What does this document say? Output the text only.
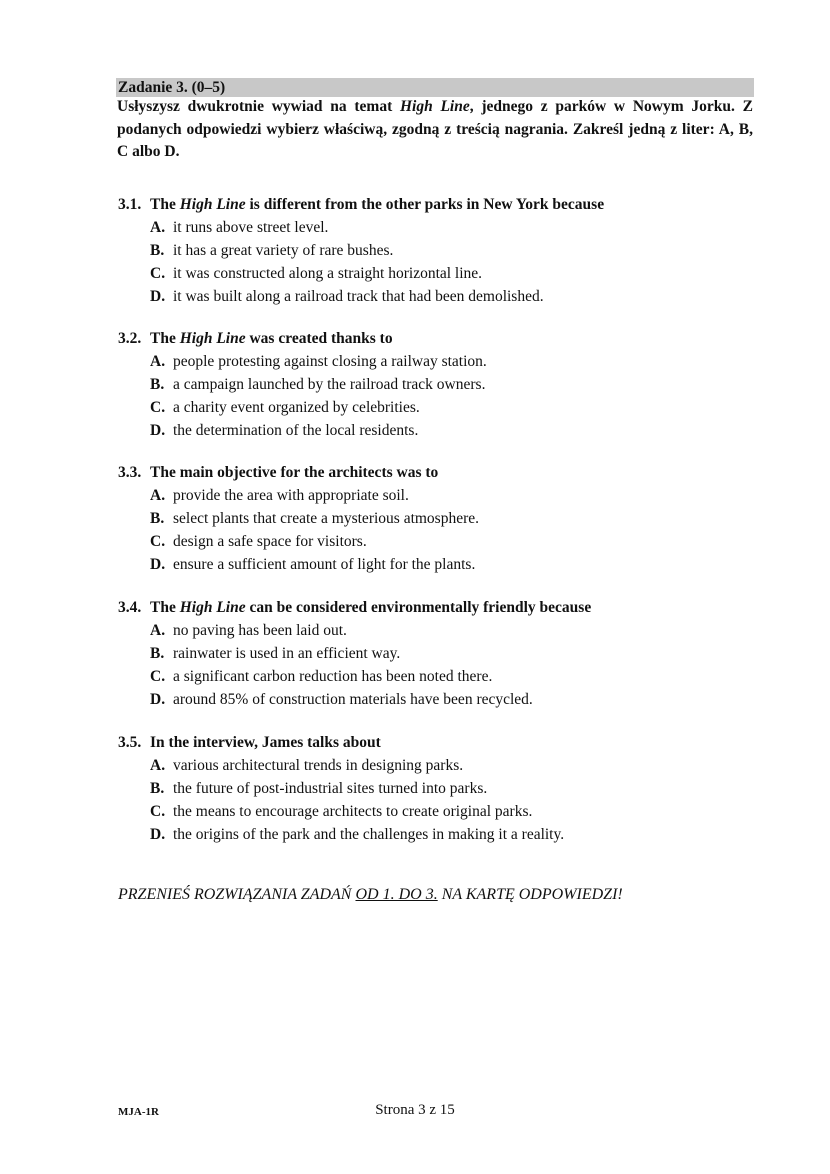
Zadanie 3. (0–5)
Usłyszysz dwukrotnie wywiad na temat High Line, jednego z parków w Nowym Jorku. Z podanych odpowiedzi wybierz właściwą, zgodną z treścią nagrania. Zakreśl jedną z liter: A, B, C albo D.
3.1. The High Line is different from the other parks in New York because
A. it runs above street level.
B. it has a great variety of rare bushes.
C. it was constructed along a straight horizontal line.
D. it was built along a railroad track that had been demolished.
3.2. The High Line was created thanks to
A. people protesting against closing a railway station.
B. a campaign launched by the railroad track owners.
C. a charity event organized by celebrities.
D. the determination of the local residents.
3.3. The main objective for the architects was to
A. provide the area with appropriate soil.
B. select plants that create a mysterious atmosphere.
C. design a safe space for visitors.
D. ensure a sufficient amount of light for the plants.
3.4. The High Line can be considered environmentally friendly because
A. no paving has been laid out.
B. rainwater is used in an efficient way.
C. a significant carbon reduction has been noted there.
D. around 85% of construction materials have been recycled.
3.5. In the interview, James talks about
A. various architectural trends in designing parks.
B. the future of post-industrial sites turned into parks.
C. the means to encourage architects to create original parks.
D. the origins of the park and the challenges in making it a reality.
PRZENIEŚ ROZWIĄZANIA ZADAŃ OD 1. DO 3. NA KARTĘ ODPOWIEDZI!
MJA-1R	Strona 3 z 15
